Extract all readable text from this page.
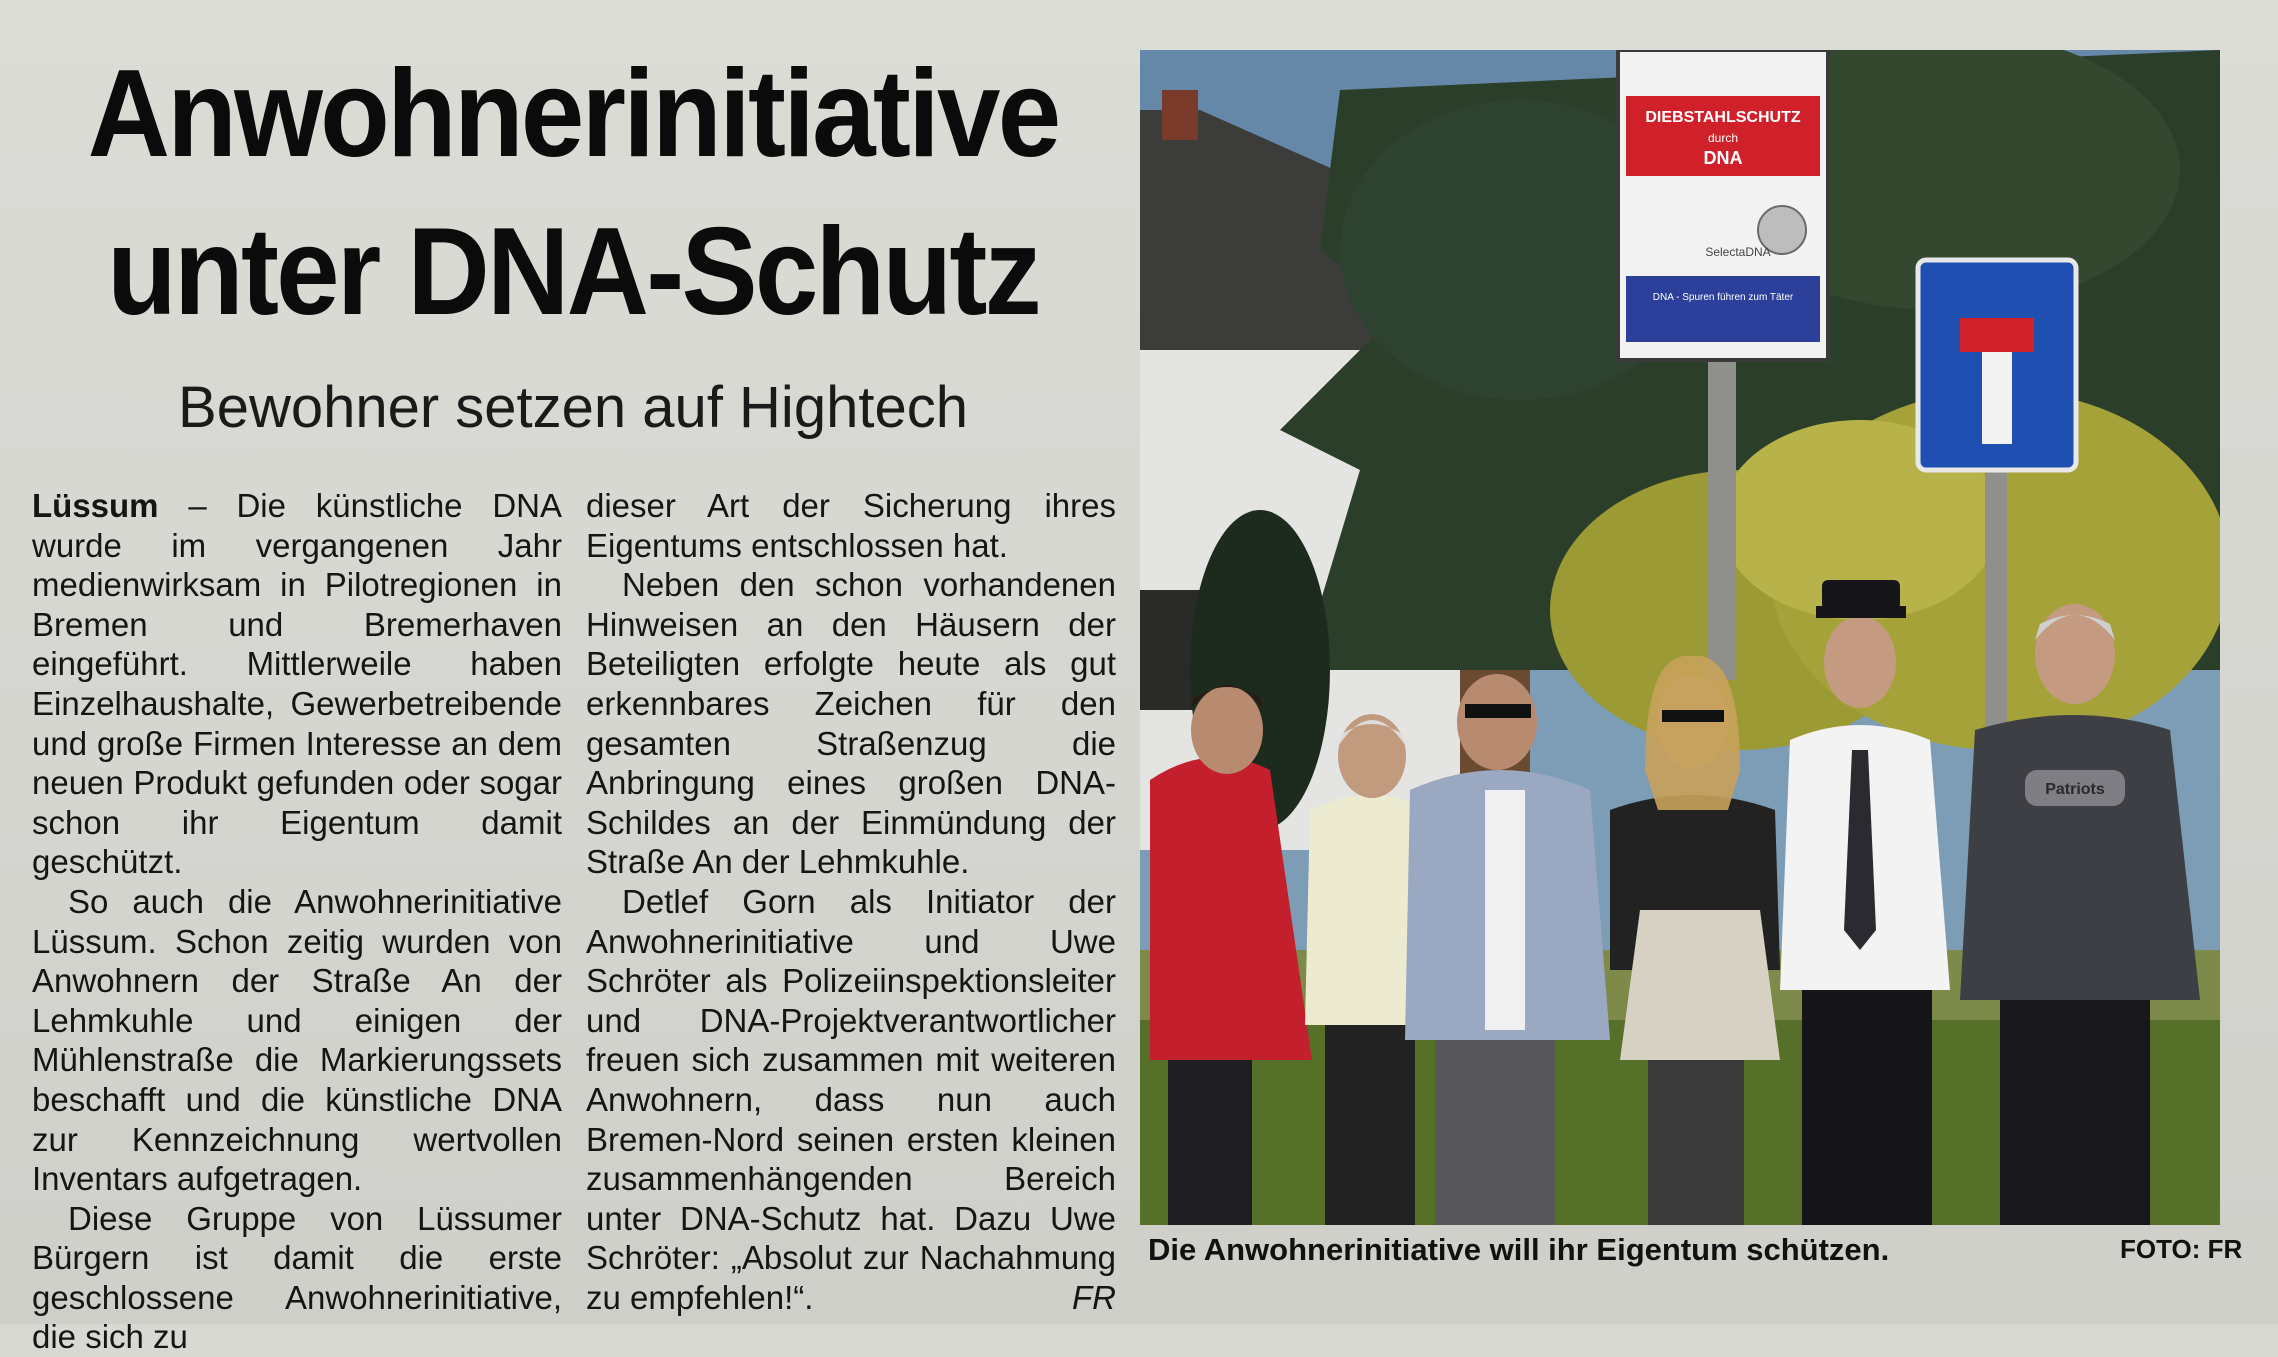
Anwohnerinitiative
unter DNA-Schutz
Bewohner setzen auf Hightech

Lüssum – Die künstliche DNA wurde im vergangenen Jahr medienwirksam in Pilotregionen in Bremen und Bremerhaven eingeführt. Mittlerweile haben Einzelhaushalte, Gewerbetreibende und große Firmen Interesse an dem neuen Produkt gefunden oder sogar schon ihr Eigentum damit geschützt.

So auch die Anwohnerinitiative Lüssum. Schon zeitig wurden von Anwohnern der Straße An der Lehmkuhle und einigen der Mühlenstraße die Markierungssets beschafft und die künstliche DNA zur Kennzeichnung wertvollen Inventars aufgetragen.

Diese Gruppe von Lüssumer Bürgern ist damit die erste geschlossene Anwohnerinitiative, die sich zu

dieser Art der Sicherung ihres Eigentums entschlossen hat.

Neben den schon vorhandenen Hinweisen an den Häusern der Beteiligten erfolgte heute als gut erkennbares Zeichen für den gesamten Straßenzug die Anbringung eines großen DNA-Schildes an der Einmündung der Straße An der Lehmkuhle.

Detlef Gorn als Initiator der Anwohnerinitiative und Uwe Schröter als Polizeiinspektionsleiter und DNA-Projektverantwortlicher freuen sich zusammen mit weiteren Anwohnern, dass nun auch Bremen-Nord seinen ersten kleinen zusammenhängenden Bereich unter DNA-Schutz hat. Dazu Uwe Schröter: „Absolut zur Nachahmung zu empfehlen!“.	FR

DIEBSTAHLSCHUTZ
durch
DNA
SelectaDNA
DNA - Spuren führen zum Täter
Patriots
Die Anwohnerinitiative will ihr Eigentum schützen.	FOTO: FR
